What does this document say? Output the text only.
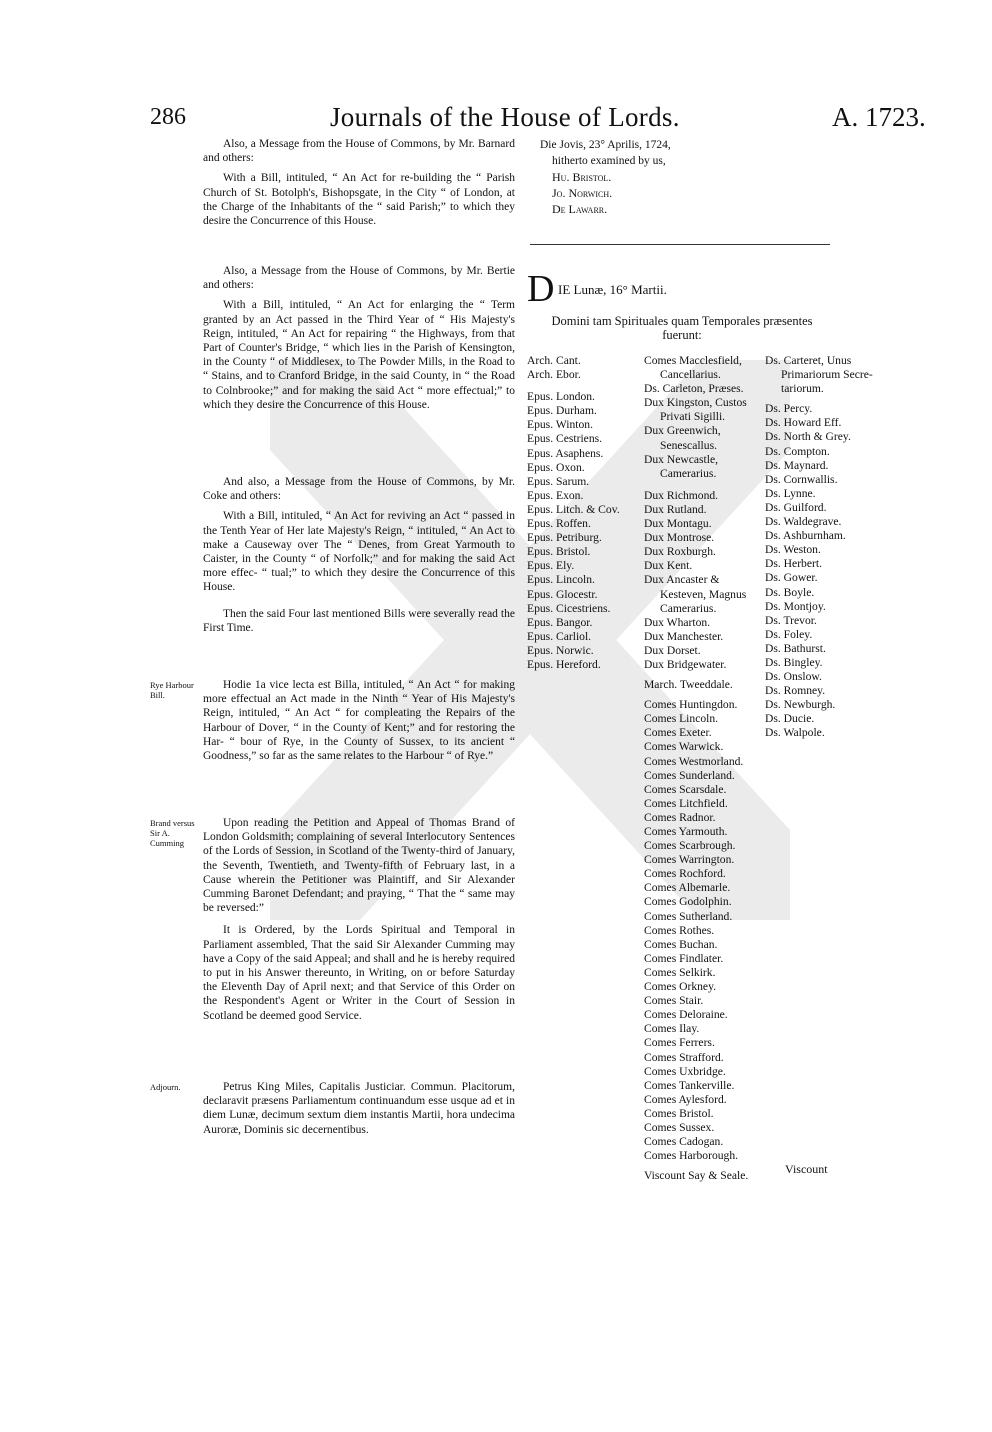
286	Journals of the House of Lords.	A. 1723.

Also, a Message from the House of Commons, by Mr. Barnard and others:

With a Bill, intituled, “ An Act for re-building the “ Parish Church of St. Botolph's, Bishopsgate, in the City “ of London, at the Charge of the Inhabitants of the “ said Parish;” to which they desire the Concurrence of this House.

Also, a Message from the House of Commons, by Mr. Bertie and others:

With a Bill, intituled, “ An Act for enlarging the “ Term granted by an Act passed in the Third Year of “ His Majesty's Reign, intituled, “ An Act for repairing “ the Highways, from that Part of Counter's Bridge, “ which lies in the Parish of Kensington, in the County “ of Middlesex, to The Powder Mills, in the Road to “ Stains, and to Cranford Bridge, in the said County, in “ the Road to Colnbrooke;” and for making the said Act “ more effectual;” to which they desire the Concurrence of this House.

And also, a Message from the House of Commons, by Mr. Coke and others:

With a Bill, intituled, “ An Act for reviving an Act “ passed in the Tenth Year of Her late Majesty's Reign, “ intituled, “ An Act to make a Causeway over The “ Denes, from Great Yarmouth to Caister, in the County “ of Norfolk;” and for making the said Act more effec- “ tual;” to which they desire the Concurrence of this House.

Then the said Four last mentioned Bills were severally read the First Time.

Rye Harbour Bill.

Hodie 1a vice lecta est Billa, intituled, “ An Act “ for making more effectual an Act made in the Ninth “ Year of His Majesty's Reign, intituled, “ An Act “ for compleating the Repairs of the Harbour of Dover, “ in the County of Kent;” and for restoring the Har- “ bour of Rye, in the County of Sussex, to its ancient “ Goodness,” so far as the same relates to the Harbour “ of Rye.”

Brand versus Sir A. Cumming

Upon reading the Petition and Appeal of Thomas Brand of London Goldsmith; complaining of several Interlocutory Sentences of the Lords of Session, in Scotland of the Twenty-third of January, the Seventh, Twentieth, and Twenty-fifth of February last, in a Cause wherein the Petitioner was Plaintiff, and Sir Alexander Cumming Baronet Defendant; and praying, “ That the “ same may be reversed:”

It is Ordered, by the Lords Spiritual and Temporal in Parliament assembled, That the said Sir Alexander Cumming may have a Copy of the said Appeal; and shall and he is hereby required to put in his Answer thereunto, in Writing, on or before Saturday the Eleventh Day of April next; and that Service of this Order on the Respondent's Agent or Writer in the Court of Session in Scotland be deemed good Service.

Adjourn.	Petrus King Miles, Capitalis Justiciar. Commun. Placitorum, declaravit præsens Parliamentum continuandum esse usque ad et in diem Lunæ, decimum sextum diem instantis Martii, hora undecima Auroræ, Dominis sic decernentibus.

Die Jovis, 23° Aprilis, 1724,
hitherto examined by us,
Hu. Bristol.
Jo. Norwich.
De Lawarr.
D IE Lunæ, 16° Martii.
Domini tam Spirituales quam Temporales præsentes fuerunt:
Arch. Cant.
Arch. Ebor.
Epus. London.
Epus. Durham.
Epus. Winton.
Epus. Cestriens.
Epus. Asaphens.
Epus. Oxon.
Epus. Sarum.
Epus. Exon.
Epus. Litch. & Cov.
Epus. Roffen.
Epus. Petriburg.
Epus. Bristol.
Epus. Ely.
Epus. Lincoln.
Epus. Glocestr.
Epus. Cicestriens.
Epus. Bangor.
Epus. Carliol.
Epus. Norwic.
Epus. Hereford.
Comes Macclesfield,
Cancellarius.
Ds. Carleton, Præses.
Dux Kingston, Custos
Privati Sigilli.
Dux Greenwich,
Senescallus.
Dux Newcastle,
Camerarius.
Dux Richmond.
Dux Rutland.
Dux Montagu.
Dux Montrose.
Dux Roxburgh.
Dux Kent.
Dux Ancaster &
Kesteven, Magnus
Camerarius.
Dux Wharton.
Dux Manchester.
Dux Dorset.
Dux Bridgewater.
March. Tweeddale.
Comes Huntingdon.
Comes Lincoln.
Comes Exeter.
Comes Warwick.
Comes Westmorland.
Comes Sunderland.
Comes Scarsdale.
Comes Litchfield.
Comes Radnor.
Comes Yarmouth.
Comes Scarbrough.
Comes Warrington.
Comes Rochford.
Comes Albemarle.
Comes Godolphin.
Comes Sutherland.
Comes Rothes.
Comes Buchan.
Comes Findlater.
Comes Selkirk.
Comes Orkney.
Comes Stair.
Comes Deloraine.
Comes Ilay.
Comes Ferrers.
Comes Strafford.
Comes Uxbridge.
Comes Tankerville.
Comes Aylesford.
Comes Bristol.
Comes Sussex.
Comes Cadogan.
Comes Harborough.
Viscount Say & Seale.
Ds. Carteret, Unus
Primariorum Secre-
tariorum.
Ds. Percy.
Ds. Howard Eff.
Ds. North & Grey.
Ds. Compton.
Ds. Maynard.
Ds. Cornwallis.
Ds. Lynne.
Ds. Guilford.
Ds. Waldegrave.
Ds. Ashburnham.
Ds. Weston.
Ds. Herbert.
Ds. Gower.
Ds. Boyle.
Ds. Montjoy.
Ds. Trevor.
Ds. Foley.
Ds. Bathurst.
Ds. Bingley.
Ds. Onslow.
Ds. Romney.
Ds. Newburgh.
Ds. Ducie.
Ds. Walpole.
Viscount
